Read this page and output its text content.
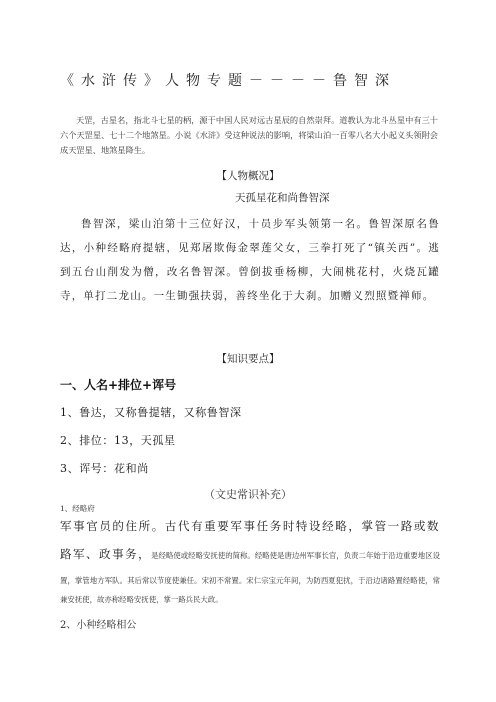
《水浒传》人物专题－－－－鲁智深
天罡，古星名，指北斗七星的柄，源于中国人民对远古星辰的自然崇拜。道教认为北斗丛星中有三十六个天罡星、七十二个地煞星。小说《水浒》受这种说法的影响，将梁山泊一百零八名大小起义头领附会成天罡星、地煞星降生。
【人物概况】
天孤星花和尚鲁智深
鲁智深，梁山泊第十三位好汉，十员步军头领第一名。鲁智深原名鲁达，小种经略府提辖，见郑屠欺侮金翠莲父女，三拳打死了“镇关西”。逃到五台山削发为僧，改名鲁智深。曾倒拔垂杨柳，大闹桃花村，火烧瓦罐寺，单打二龙山。一生锄强扶弱，善终坐化于大刹。加赠义烈照暨禅师。
【知识要点】
一、人名+排位+诨号
1、鲁达，又称鲁提辖，又称鲁智深
2、排位：13，天孤星
3、诨号：花和尚
（文史常识补充）
1、经略府
军事官员的住所。古代有重要军事任务时特设经略，掌管一路或数路军、政事务，是经略使或经略安抚使的简称。经略使是唐边州军事长官，负责二年始于沿边重要地区设置，掌管地方军队。其后常以节度使兼任。宋初不常置。宋仁宗宝元年间，为防西夏犯扰，于沿边诸路置经略使，常兼安抚使，故亦称经略安抚使，掌一路兵民大政。
2、小种经略相公
